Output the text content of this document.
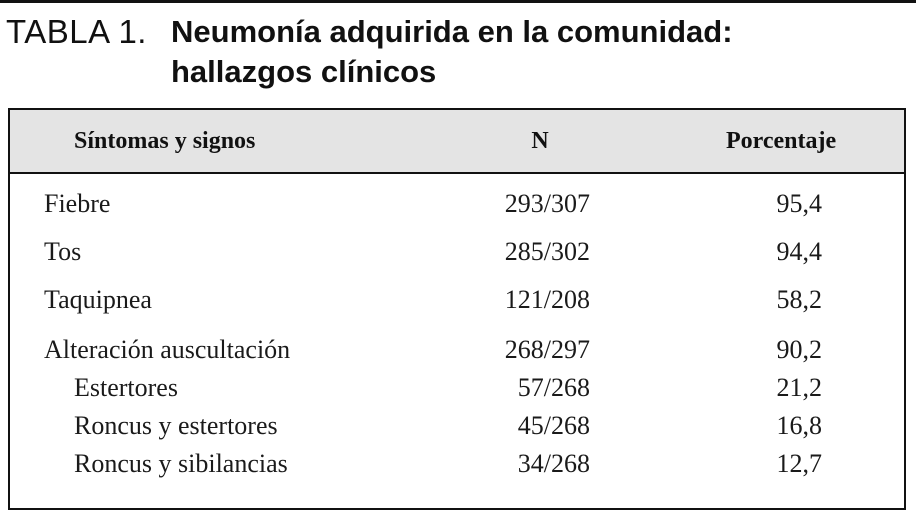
TABLA 1. Neumonía adquirida en la comunidad:
hallazgos clínicos
Síntomas y signos	N	Porcentaje
Fiebre	293/307	95,4
Tos	285/302	94,4
Taquipnea	121/208	58,2
Alteración auscultación	268/297	90,2
Estertores	57/268	21,2
Roncus y estertores	45/268	16,8
Roncus y sibilancias	34/268	12,7
